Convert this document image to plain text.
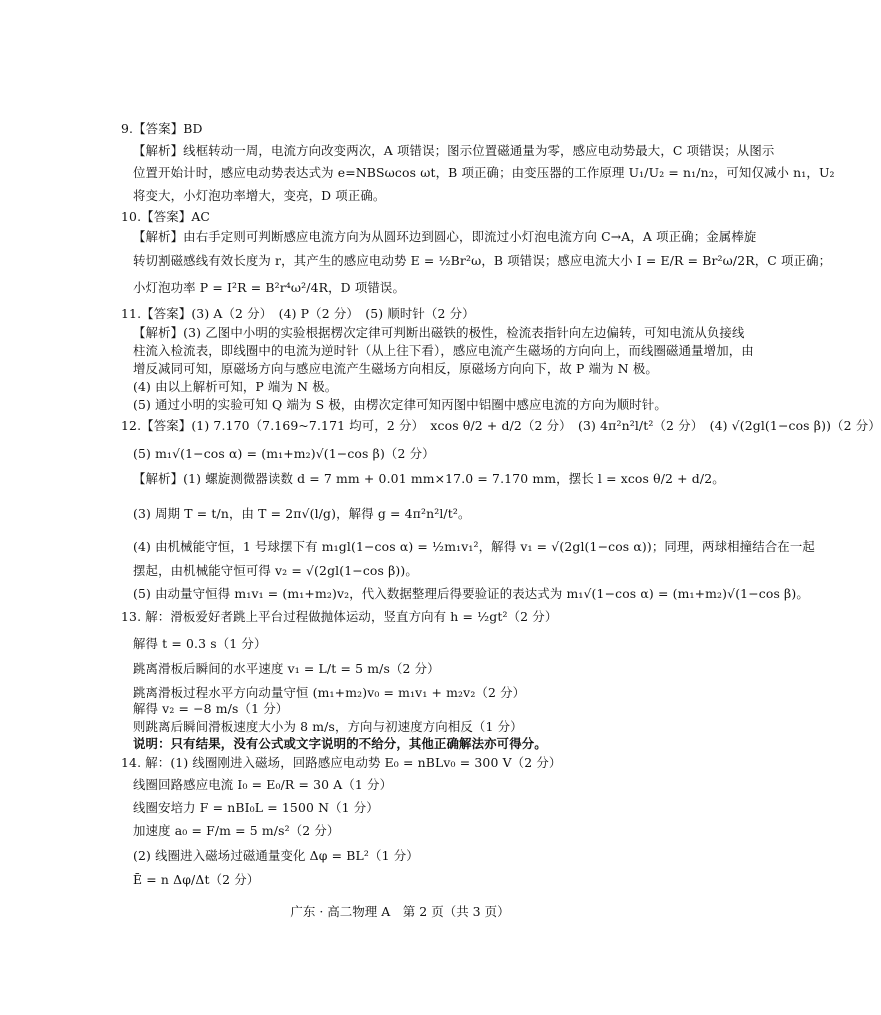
9.【答案】BD
【解析】线框转动一周，电流方向改变两次，A 项错误；图示位置磁通量为零，感应电动势最大，C 项错误；从图示
位置开始计时，感应电动势表达式为 e=NBSωcos ωt，B 项正确；由变压器的工作原理 U₁/U₂ = n₁/n₂，可知仅减小 n₁，U₂
将变大，小灯泡功率增大，变亮，D 项正确。
10.【答案】AC
【解析】由右手定则可判断感应电流方向为从圆环边到圆心，即流过小灯泡电流方向 C→A，A 项正确；金属棒旋
转切割磁感线有效长度为 r，其产生的感应电动势 E = ½Br²ω，B 项错误；感应电流大小 I = E/R = Br²ω/2R，C 项正确；
小灯泡功率 P = I²R = B²r⁴ω²/4R，D 项错误。
11.【答案】(3) A（2 分）　(4) P（2 分）　(5) 顺时针（2 分）
【解析】(3) 乙图中小明的实验根据楞次定律可判断出磁铁的极性，检流表指针向左边偏转，可知电流从负接线
柱流入检流表，即线圈中的电流为逆时针（从上往下看），感应电流产生磁场的方向向上，而线圈磁通量增加，由
增反减同可知，原磁场方向与感应电流产生磁场方向相反，原磁场方向向下，故 P 端为 N 极。
(4) 由以上解析可知，P 端为 N 极。
(5) 通过小明的实验可知 Q 端为 S 极，由楞次定律可知丙图中铝圈中感应电流的方向为顺时针。
12.【答案】(1) 7.170（7.169~7.171 均可，2 分）　xcos θ/2 + d/2（2 分）　(3) 4π²n²l/t²（2 分）　(4) √(2gl(1−cos β))（2 分）
(5) m₁√(1−cos α) = (m₁+m₂)√(1−cos β)（2 分）
【解析】(1) 螺旋测微器读数 d = 7 mm + 0.01 mm×17.0 = 7.170 mm，摆长 l = xcos θ/2 + d/2。
(3) 周期 T = t/n，由 T = 2π√(l/g)，解得 g = 4π²n²l/t²。
(4) 由机械能守恒，1 号球摆下有 m₁gl(1−cos α) = ½m₁v₁²，解得 v₁ = √(2gl(1−cos α))；同理，两球相撞结合在一起
摆起，由机械能守恒可得 v₂ = √(2gl(1−cos β))。
(5) 由动量守恒得 m₁v₁ = (m₁+m₂)v₂，代入数据整理后得要验证的表达式为 m₁√(1−cos α) = (m₁+m₂)√(1−cos β)。
13. 解：滑板爱好者跳上平台过程做抛体运动，竖直方向有 h = ½gt²（2 分）
解得 t = 0.3 s（1 分）
跳离滑板后瞬间的水平速度 v₁ = L/t = 5 m/s（2 分）
跳离滑板过程水平方向动量守恒 (m₁+m₂)v₀ = m₁v₁ + m₂v₂（2 分）
解得 v₂ = −8 m/s（1 分）
则跳离后瞬间滑板速度大小为 8 m/s，方向与初速度方向相反（1 分）
说明：只有结果，没有公式或文字说明的不给分，其他正确解法亦可得分。
14. 解：(1) 线圈刚进入磁场，回路感应电动势 E₀ = nBLv₀ = 300 V（2 分）
线圈回路感应电流 I₀ = E₀/R = 30 A（1 分）
线圈安培力 F = nBI₀L = 1500 N（1 分）
加速度 a₀ = F/m = 5 m/s²（2 分）
(2) 线圈进入磁场过磁通量变化 Δφ = BL²（1 分）
Ē = n Δφ/Δt（2 分）
广东 · 高二物理 A　第 2 页（共 3 页）
